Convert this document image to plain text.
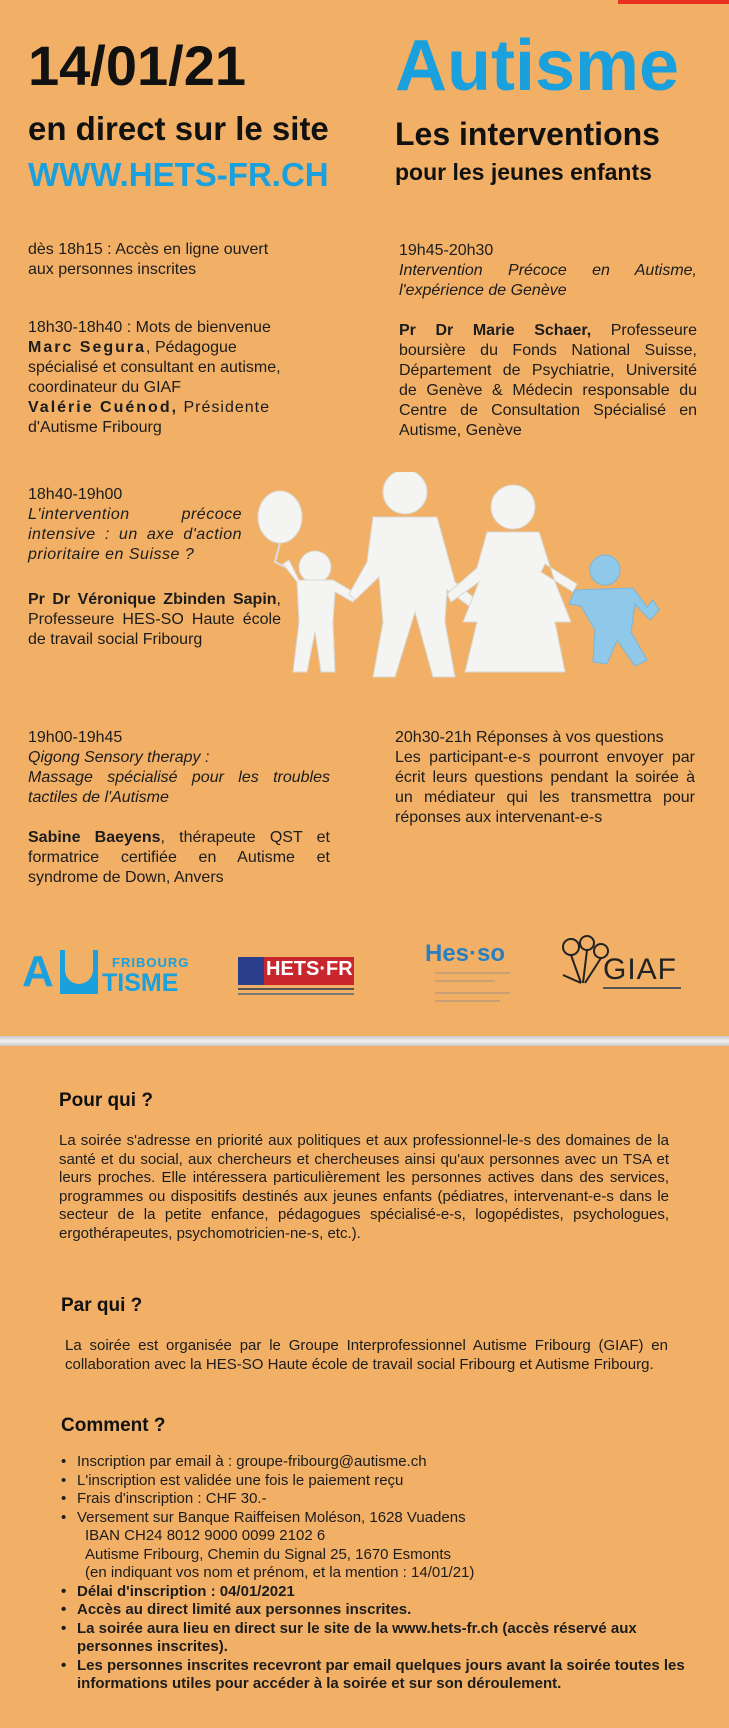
14/01/21
en direct sur le site
WWW.HETS-FR.CH
Autisme
Les interventions
pour les jeunes enfants

dès 18h15 : Accès en ligne ouvert

aux personnes inscrites

18h30-18h40 : Mots de bienvenue

Marc Segura, Pédagogue

spécialisé et consultant en autisme,

coordinateur du GIAF

Valérie Cuénod, Présidente

d'Autisme Fribourg

18h40-19h00

L'intervention précoce intensive : un axe d'action prioritaire en Suisse ?

Pr Dr Véronique Zbinden Sapin, Professeure HES-SO Haute école de travail social Fribourg

19h00-19h45

Qigong Sensory therapy :

Massage spécialisé pour les troubles tactiles de l'Autisme

Sabine Baeyens, thérapeute QST et formatrice certifiée en Autisme et syndrome de Down, Anvers

19h45-20h30

Intervention Précoce en Autisme, l'expérience de Genève

Pr Dr Marie Schaer, Professeure boursière du Fonds National Suisse, Département de Psychiatrie, Université de Genève & Médecin responsable du Centre de Consultation Spécialisé en Autisme, Genève

20h30-21h Réponses à vos questions

Les participant-e-s pourront envoyer par écrit leurs questions pendant la soirée à un médiateur qui les transmettra pour réponses aux intervenant-e-s

FRIBOURG
A TISME	HETS·FR
Hes·so	GIAF
Pour qui ?
La soirée s'adresse en priorité aux politiques et aux professionnel-le-s des domaines de la santé et du social, aux chercheurs et chercheuses ainsi qu'aux personnes avec un TSA et leurs proches. Elle intéressera particulièrement les personnes actives dans des services, programmes ou dispositifs destinés aux jeunes enfants (pédiatres, intervenant-e-s dans le secteur de la petite enfance, pédagogues spécialisé-e-s, logopédistes, psychologues, ergothérapeutes, psychomotricien-ne-s, etc.).
Par qui ?
La soirée est organisée par le Groupe Interprofessionnel Autisme Fribourg (GIAF) en collaboration avec la HES-SO Haute école de travail social Fribourg et Autisme Fribourg.
Comment ?
• Inscription par email à : groupe-fribourg@autisme.ch
• L'inscription est validée une fois le paiement reçu
• Frais d'inscription : CHF 30.-
• Versement sur Banque Raiffeisen Moléson, 1628 Vuadens
IBAN CH24 8012 9000 0099 2102 6
Autisme Fribourg, Chemin du Signal 25, 1670 Esmonts
(en indiquant vos nom et prénom, et la mention : 14/01/21)
• Délai d'inscription : 04/01/2021
• Accès au direct limité aux personnes inscrites.
• La soirée aura lieu en direct sur le site de la www.hets-fr.ch (accès réservé aux personnes inscrites).
• Les personnes inscrites recevront par email quelques jours avant la soirée toutes les informations utiles pour accéder à la soirée et sur son déroulement.
